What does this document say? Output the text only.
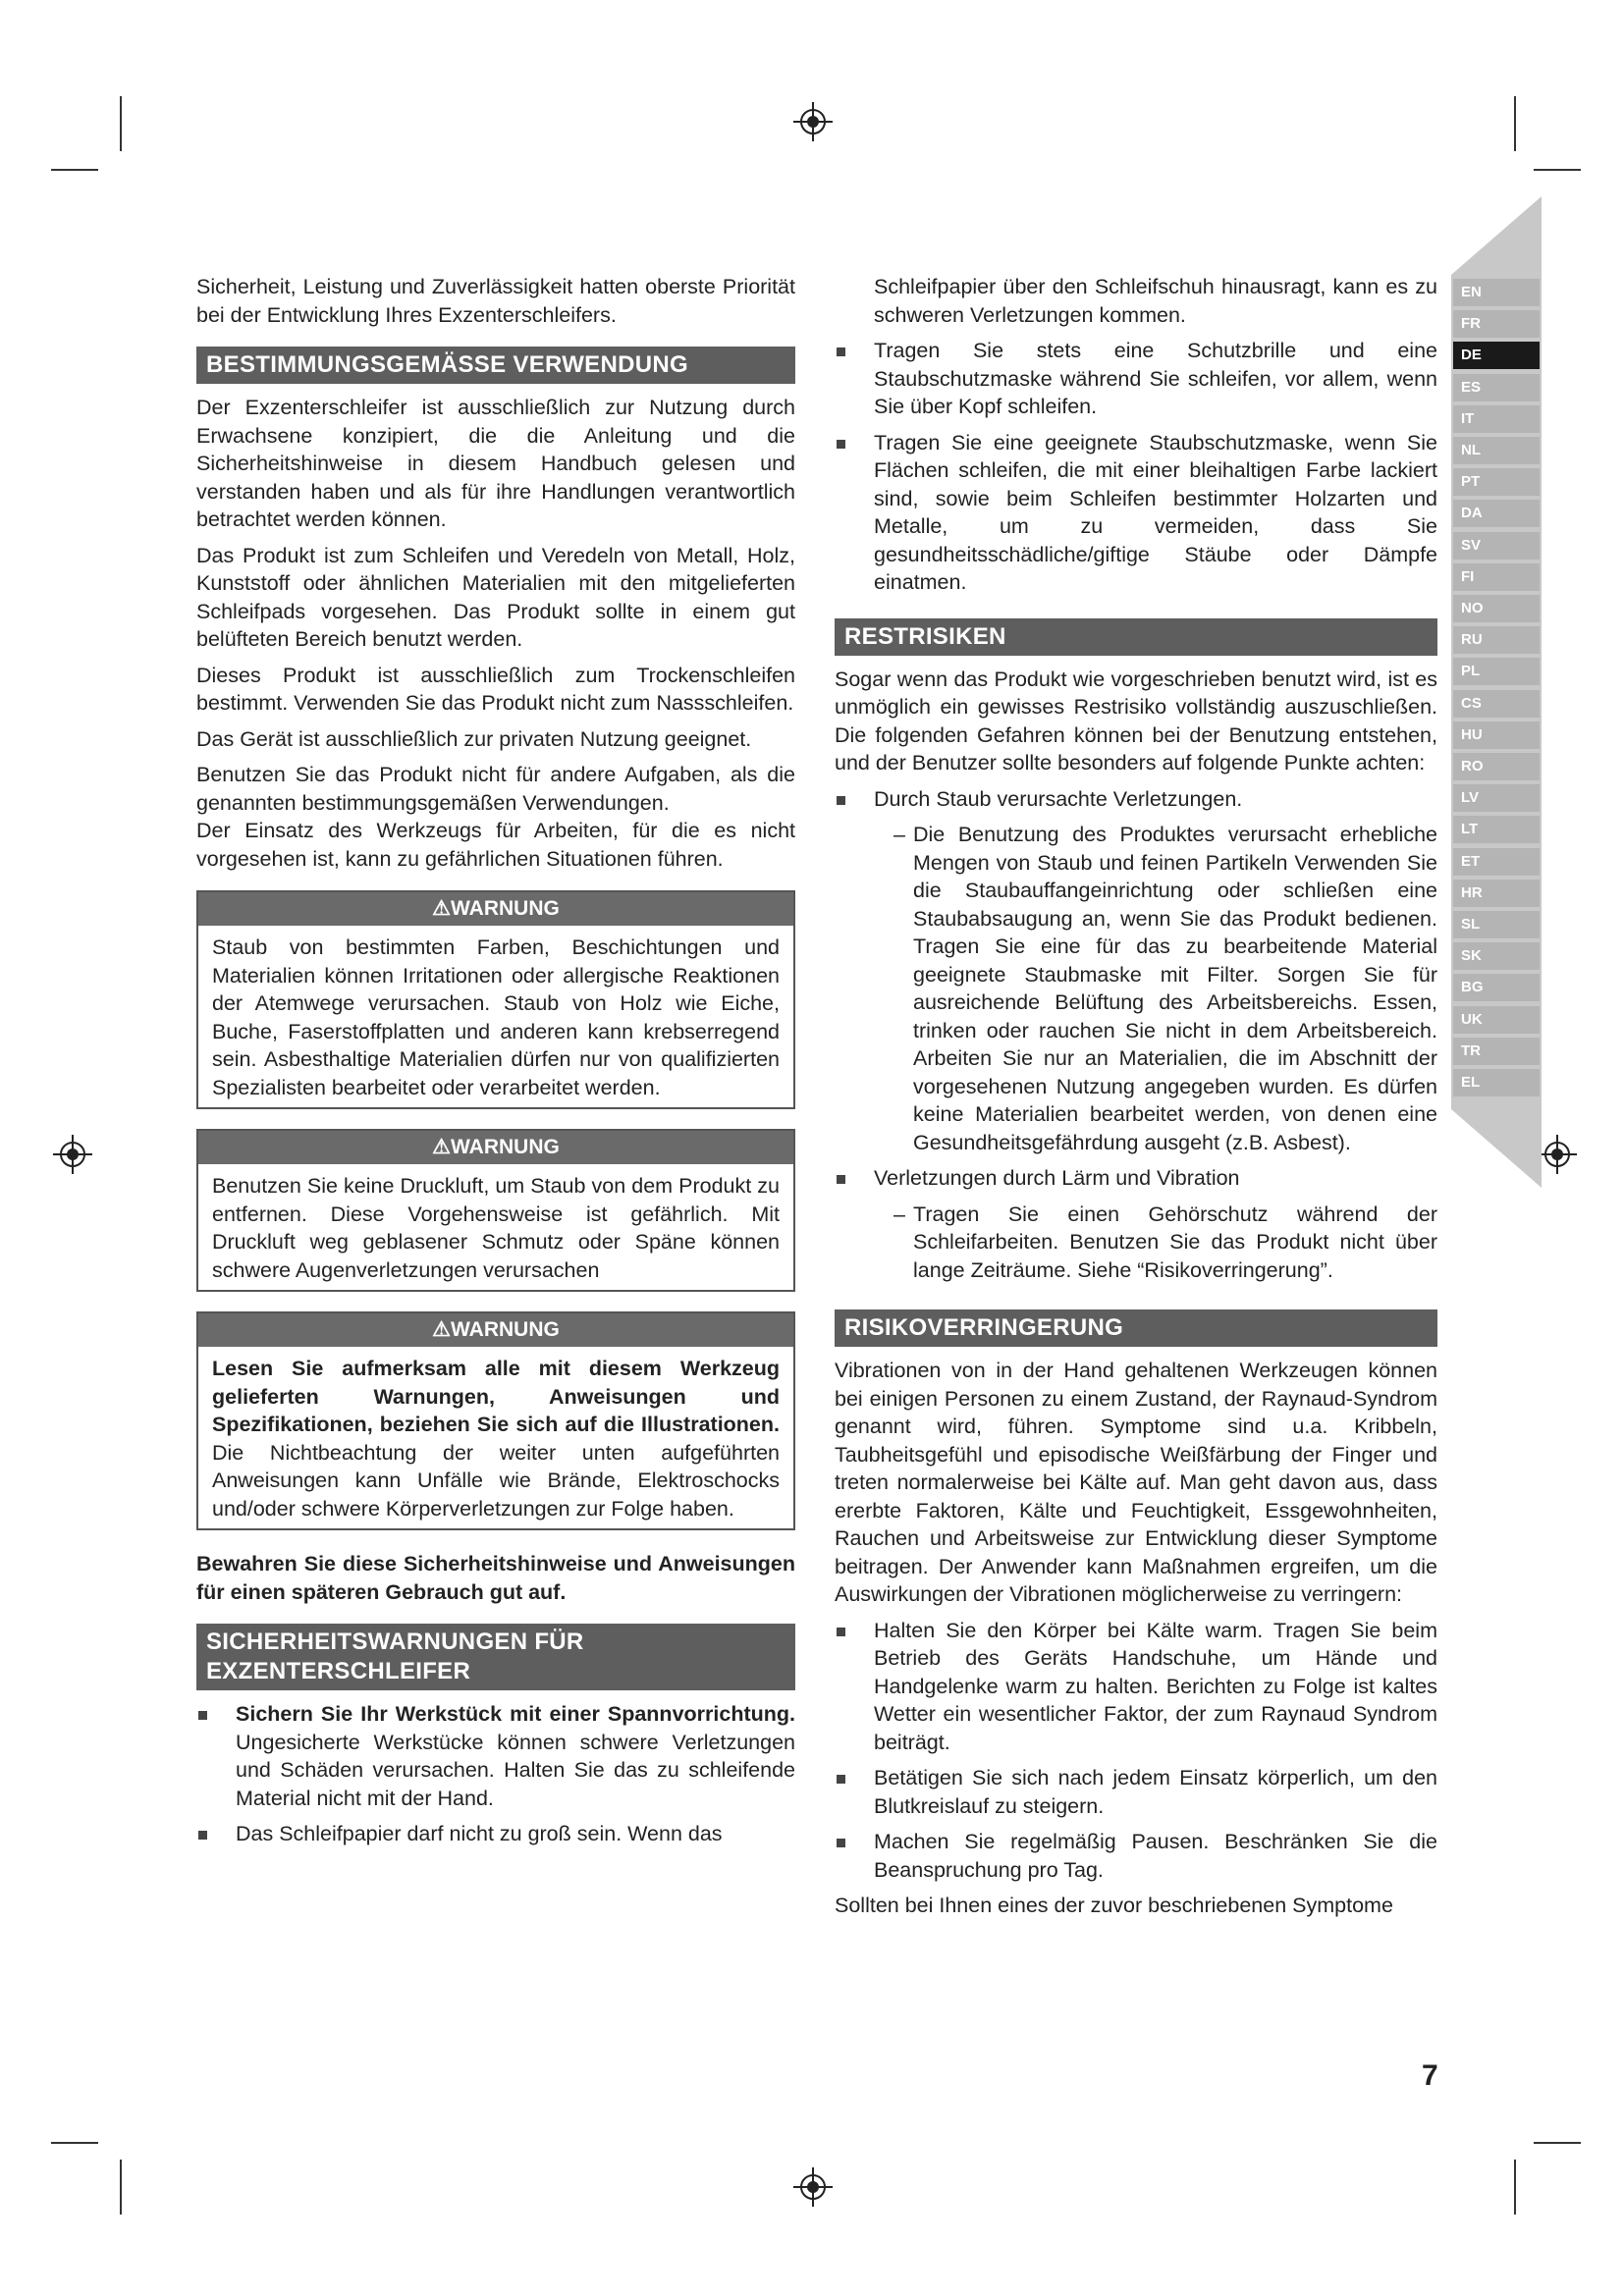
EN
FR
DE
ES
IT
NL
PT
DA
SV
FI
NO
RU
PL
CS
HU
RO
LV
LT
ET
HR
SL
SK
BG
UK
TR
EL

Sicherheit, Leistung und Zuverlässigkeit hatten oberste Priorität bei der Entwicklung Ihres Exzenterschleifers.

BESTIMMUNGSGEMÄSSE VERWENDUNG

Der Exzenterschleifer ist ausschließlich zur Nutzung durch Erwachsene konzipiert, die die Anleitung und die Sicherheitshinweise in diesem Handbuch gelesen und verstanden haben und als für ihre Handlungen verantwortlich betrachtet werden können.

Das Produkt ist zum Schleifen und Veredeln von Metall, Holz, Kunststoff oder ähnlichen Materialien mit den mitgelieferten Schleifpads vorgesehen. Das Produkt sollte in einem gut belüfteten Bereich benutzt werden.

Dieses Produkt ist ausschließlich zum Trockenschleifen bestimmt. Verwenden Sie das Produkt nicht zum Nassschleifen.

Das Gerät ist ausschließlich zur privaten Nutzung geeignet.

Benutzen Sie das Produkt nicht für andere Aufgaben, als die genannten bestimmungsgemäßen Verwendungen.

Der Einsatz des Werkzeugs für Arbeiten, für die es nicht vorgesehen ist, kann zu gefährlichen Situationen führen.

⚠WARNUNG

Staub von bestimmten Farben, Beschichtungen und Materialien können Irritationen oder allergische Reaktionen der Atemwege verursachen. Staub von Holz wie Eiche, Buche, Faserstoffplatten und anderen kann krebserregend sein. Asbesthaltige Materialien dürfen nur von qualifizierten Spezialisten bearbeitet oder verarbeitet werden.

⚠WARNUNG

Benutzen Sie keine Druckluft, um Staub von dem Produkt zu entfernen. Diese Vorgehensweise ist gefährlich. Mit Druckluft weg geblasener Schmutz oder Späne können schwere Augenverletzungen verursachen

⚠WARNUNG

Lesen Sie aufmerksam alle mit diesem Werkzeug gelieferten Warnungen, Anweisungen und Spezifikationen, beziehen Sie sich auf die Illustrationen. Die Nichtbeachtung der weiter unten aufgeführten Anweisungen kann Unfälle wie Brände, Elektroschocks und/oder schwere Körperverletzungen zur Folge haben.

Bewahren Sie diese Sicherheitshinweise und Anweisungen für einen späteren Gebrauch gut auf.

SICHERHEITSWARNUNGEN FÜR EXZENTERSCHLEIFER
Sichern Sie Ihr Werkstück mit einer Spannvorrichtung. Ungesicherte Werkstücke können schwere Verletzungen und Schäden verursachen. Halten Sie das zu schleifende Material nicht mit der Hand.
Das Schleifpapier darf nicht zu groß sein. Wenn das

Schleifpapier über den Schleifschuh hinausragt, kann es zu schweren Verletzungen kommen.

Tragen Sie stets eine Schutzbrille und eine Staubschutzmaske während Sie schleifen, vor allem, wenn Sie über Kopf schleifen.
Tragen Sie eine geeignete Staubschutzmaske, wenn Sie Flächen schleifen, die mit einer bleihaltigen Farbe lackiert sind, sowie beim Schleifen bestimmter Holzarten und Metalle, um zu vermeiden, dass Sie gesundheitsschädliche/giftige Stäube oder Dämpfe einatmen.
RESTRISIKEN

Sogar wenn das Produkt wie vorgeschrieben benutzt wird, ist es unmöglich ein gewisses Restrisiko vollständig auszuschließen. Die folgenden Gefahren können bei der Benutzung entstehen, und der Benutzer sollte besonders auf folgende Punkte achten:

Durch Staub verursachte Verletzungen.
– Die Benutzung des Produktes verursacht erhebliche Mengen von Staub und feinen Partikeln Verwenden Sie die Staubauffangeinrichtung oder schließen eine Staubabsaugung an, wenn Sie das Produkt bedienen. Tragen Sie eine für das zu bearbeitende Material geeignete Staubmaske mit Filter. Sorgen Sie für ausreichende Belüftung des Arbeitsbereichs. Essen, trinken oder rauchen Sie nicht in dem Arbeitsbereich. Arbeiten Sie nur an Materialien, die im Abschnitt der vorgesehenen Nutzung angegeben wurden. Es dürfen keine Materialien bearbeitet werden, von denen eine Gesundheitsgefährdung ausgeht (z.B. Asbest).
Verletzungen durch Lärm und Vibration
– Tragen Sie einen Gehörschutz während der Schleifarbeiten. Benutzen Sie das Produkt nicht über lange Zeiträume. Siehe “Risikoverringerung”.
RISIKOVERRINGERUNG

Vibrationen von in der Hand gehaltenen Werkzeugen können bei einigen Personen zu einem Zustand, der Raynaud-Syndrom genannt wird, führen. Symptome sind u.a. Kribbeln, Taubheitsgefühl und episodische Weißfärbung der Finger und treten normalerweise bei Kälte auf. Man geht davon aus, dass ererbte Faktoren, Kälte und Feuchtigkeit, Essgewohnheiten, Rauchen und Arbeitsweise zur Entwicklung dieser Symptome beitragen. Der Anwender kann Maßnahmen ergreifen, um die Auswirkungen der Vibrationen möglicherweise zu verringern:

Halten Sie den Körper bei Kälte warm. Tragen Sie beim Betrieb des Geräts Handschuhe, um Hände und Handgelenke warm zu halten. Berichten zu Folge ist kaltes Wetter ein wesentlicher Faktor, der zum Raynaud Syndrom beiträgt.
Betätigen Sie sich nach jedem Einsatz körperlich, um den Blutkreislauf zu steigern.
Machen Sie regelmäßig Pausen. Beschränken Sie die Beanspruchung pro Tag.

Sollten bei Ihnen eines der zuvor beschriebenen Symptome

7
